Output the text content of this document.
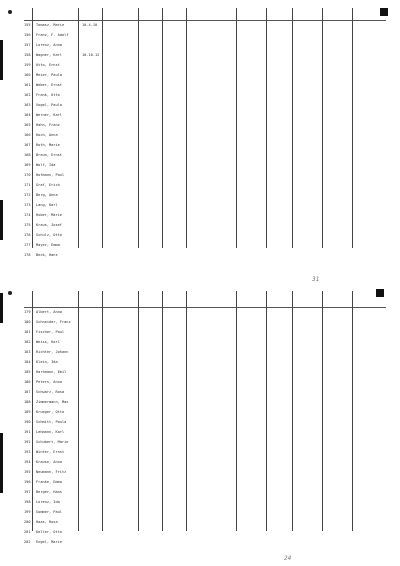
155	Tomasz, Marie	10.4.10
156	Franz, F. Adolf
157	Lorenz, Anna
158	Wagner, Karl	10.10.12
159	Otto, Ernst
160	Meier, Paula
161	Weber, Ernst
162	Frank, Otto
163	Vogel, Paula
164	Werner, Karl
165	Hahn, Franz
166	Koch, Anna
167	Roth, Marie
168	Braun, Ernst
169	Wolf, Ida
170	Hofmann, Paul
171	Graf, Erich
172	Berg, Anna
173	Lang, Karl
174	Huber, Marie
175	Kraus, Josef
176	Schulz, Otto
177	Mayer, Emma
178	Beck, Hans
31
179	Albert, Anna
180	Schneider, Franz
181	Fischer, Paul
182	Weiss, Karl
183	Richter, Johann
184	Klein, Ida
185	Hartmann, Emil
186	Peters, Anna
187	Schwarz, Rosa
188	Zimmermann, Max
189	Krueger, Otto
190	Schmitt, Paula
191	Lehmann, Karl
192	Schubert, Marie
193	Winter, Ernst
194	Krause, Anna
195	Neumann, Fritz
196	Franke, Emma
197	Berger, Hans
198	Lorenz, Ida
199	Sommer, Paul
200	Haas, Rosa
201	Keller, Otto
202	Engel, Marie
24
